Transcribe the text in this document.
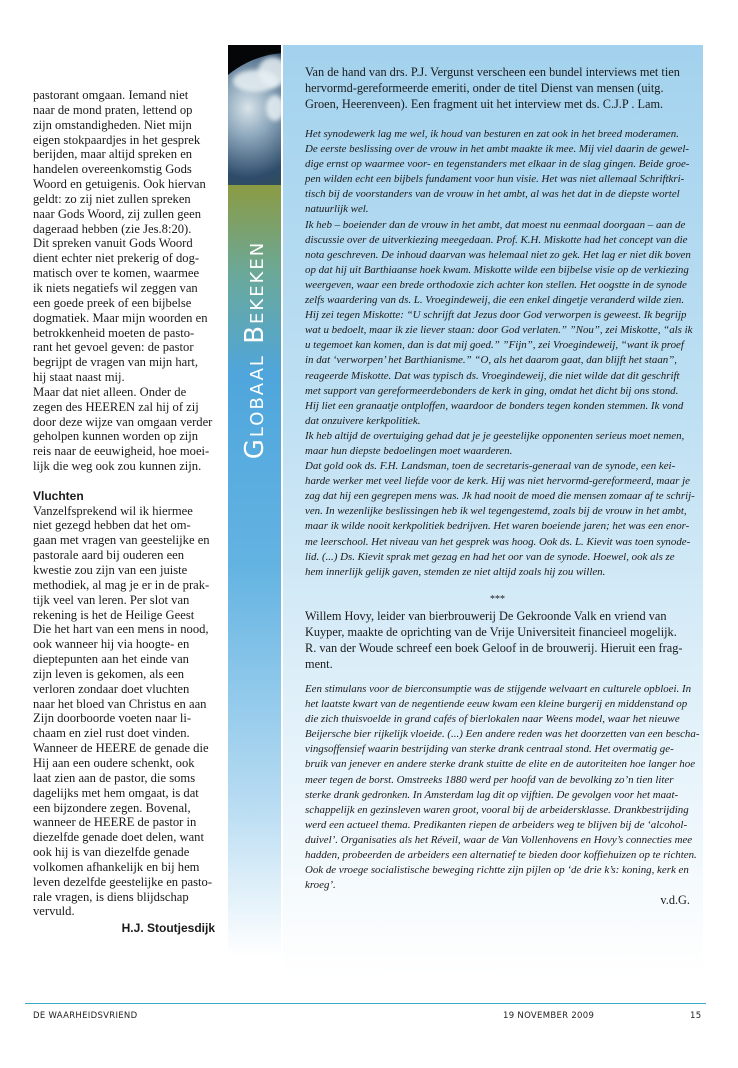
Globaal Bekeken
pastorant omgaan. Iemand niet
naar de mond praten, lettend op
zijn omstandigheden. Niet mijn
eigen stokpaardjes in het gesprek
berijden, maar altijd spreken en
handelen overeenkomstig Gods
Woord en getuigenis. Ook hiervan
geldt: zo zij niet zullen spreken
naar Gods Woord, zij zullen geen
dageraad hebben (zie Jes.8:20).
Dit spreken vanuit Gods Woord
dient echter niet prekerig of dog-
matisch over te komen, waarmee
ik niets negatiefs wil zeggen van
een goede preek of een bijbelse
dogmatiek. Maar mijn woorden en
betrokkenheid moeten de pasto-
rant het gevoel geven: de pastor
begrijpt de vragen van mijn hart,
hij staat naast mij.
Maar dat niet alleen. Onder de
zegen des HEEREN zal hij of zij
door deze wijze van omgaan verder
geholpen kunnen worden op zijn
reis naar de eeuwigheid, hoe moei-
lijk die weg ook zou kunnen zijn.
Vluchten
Vanzelfsprekend wil ik hiermee
niet gezegd hebben dat het om-
gaan met vragen van geestelijke en
pastorale aard bij ouderen een
kwestie zou zijn van een juiste
methodiek, al mag je er in de prak-
tijk veel van leren. Per slot van
rekening is het de Heilige Geest
Die het hart van een mens in nood,
ook wanneer hij via hoogte- en
dieptepunten aan het einde van
zijn leven is gekomen, als een
verloren zondaar doet vluchten
naar het bloed van Christus en aan
Zijn doorboorde voeten naar li-
chaam en ziel rust doet vinden.
Wanneer de HEERE de genade die
Hij aan een oudere schenkt, ook
laat zien aan de pastor, die soms
dagelijks met hem omgaat, is dat
een bijzondere zegen. Bovenal,
wanneer de HEERE de pastor in
diezelfde genade doet delen, want
ook hij is van diezelfde genade
volkomen afhankelijk en bij hem
leven dezelfde geestelijke en pasto-
rale vragen, is diens blijdschap
vervuld.
H.J. Stoutjesdijk
Van de hand van drs. P.J. Vergunst verscheen een bundel interviews met tien
hervormd-gereformeerde emeriti, onder de titel Dienst van mensen (uitg.
Groen, Heerenveen). Een fragment uit het interview met ds. C.J.P . Lam.
Het synodewerk lag me wel, ik houd van besturen en zat ook in het breed moderamen.
De eerste beslissing over de vrouw in het ambt maakte ik mee. Mij viel daarin de gewel-
dige ernst op waarmee voor- en tegenstanders met elkaar in de slag gingen. Beide groe-
pen wilden echt een bijbels fundament voor hun visie. Het was niet allemaal Schriftkri-
tisch bij de voorstanders van de vrouw in het ambt, al was het dat in de diepste wortel
natuurlijk wel.
Ik heb – boeiender dan de vrouw in het ambt, dat moest nu eenmaal doorgaan – aan de
discussie over de uitverkiezing meegedaan. Prof. K.H. Miskotte had het concept van die
nota geschreven. De inhoud daarvan was helemaal niet zo gek. Het lag er niet dik boven
op dat hij uit Barthiaanse hoek kwam. Miskotte wilde een bijbelse visie op de verkiezing
weergeven, waar een brede orthodoxie zich achter kon stellen. Het oogstte in de synode
zelfs waardering van ds. L. Vroegindeweij, die een enkel dingetje veranderd wilde zien.
Hij zei tegen Miskotte: “U schrijft dat Jezus door God verworpen is geweest. Ik begrijp
wat u bedoelt, maar ik zie liever staan: door God verlaten.” ”Nou”, zei Miskotte, “als ik
u tegemoet kan komen, dan is dat mij goed.” ”Fijn”, zei Vroegindeweij, “want ik proef
in dat ‘verworpen’ het Barthianisme.” “O, als het daarom gaat, dan blijft het staan”,
reageerde Miskotte. Dat was typisch ds. Vroegindeweij, die niet wilde dat dit geschrift
met support van gereformeerdebonders de kerk in ging, omdat het dicht bij ons stond.
Hij liet een granaatje ontploffen, waardoor de bonders tegen konden stemmen. Ik vond
dat onzuivere kerkpolitiek.
Ik heb altijd de overtuiging gehad dat je je geestelijke opponenten serieus moet nemen,
maar hun diepste bedoelingen moet waarderen.
Dat gold ook ds. F.H. Landsman, toen de secretaris-generaal van de synode, een kei-
harde werker met veel liefde voor de kerk. Hij was niet hervormd-gereformeerd, maar je
zag dat hij een gegrepen mens was. Jk had nooit de moed die mensen zomaar af te schrij-
ven. In wezenlijke beslissingen heb ik wel tegengestemd, zoals bij de vrouw in het ambt,
maar ik wilde nooit kerkpolitiek bedrijven. Het waren boeiende jaren; het was een enor-
me leerschool. Het niveau van het gesprek was hoog. Ook ds. L. Kievit was toen synode-
lid. (...) Ds. Kievit sprak met gezag en had het oor van de synode. Hoewel, ook als ze
hem innerlijk gelijk gaven, stemden ze niet altijd zoals hij zou willen.
***
Willem Hovy, leider van bierbrouwerij De Gekroonde Valk en vriend van
Kuyper, maakte de oprichting van de Vrije Universiteit financieel mogelijk.
R. van der Woude schreef een boek Geloof in de brouwerij. Hieruit een frag-
ment.
Een stimulans voor de bierconsumptie was de stijgende welvaart en culturele opbloei. In
het laatste kwart van de negentiende eeuw kwam een kleine burgerij en middenstand op
die zich thuisvoelde in grand cafés of bierlokalen naar Weens model, waar het nieuwe
Beijersche bier rijkelijk vloeide. (...) Een andere reden was het doorzetten van een bescha-
vingsoffensief waarin bestrijding van sterke drank centraal stond. Het overmatig ge-
bruik van jenever en andere sterke drank stuitte de elite en de autoriteiten hoe langer hoe
meer tegen de borst. Omstreeks 1880 werd per hoofd van de bevolking zo’n tien liter
sterke drank gedronken. In Amsterdam lag dit op vijftien. De gevolgen voor het maat-
schappelijk en gezinsleven waren groot, vooral bij de arbeidersklasse. Drankbestrijding
werd een actueel thema. Predikanten riepen de arbeiders weg te blijven bij de ‘alcohol-
duivel’. Organisaties als het Réveil, waar de Van Vollenhovens en Hovy’s connecties mee
hadden, probeerden de arbeiders een alternatief te bieden door koffiehuizen op te richten.
Ook de vroege socialistische beweging richtte zijn pijlen op ‘de drie k’s: koning, kerk en
kroeg’.
v.d.G.
DE WAARHEIDSVRIEND	19 NOVEMBER 2009	15
